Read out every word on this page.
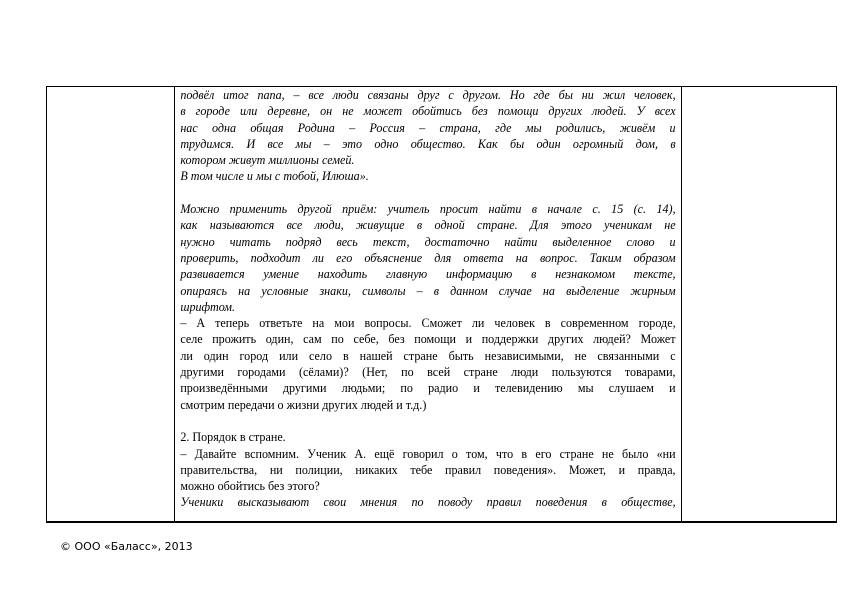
подвёл итог папа, – все люди связаны друг с другом. Но где бы ни жил человек,
в городе или деревне, он не может обойтись без помощи других людей. У всех
нас одна общая Родина – Россия – страна, где мы родились, живём и
трудимся. И все мы – это одно общество. Как бы один огромный дом, в
котором живут миллионы семей.
В том числе и мы с тобой, Илюша».
Можно применить другой приём: учитель просит найти в начале с. 15 (с. 14),
как называются все люди, живущие в одной стране. Для этого ученикам не
нужно читать подряд весь текст, достаточно найти выделенное слово и
проверить, подходит ли его объяснение для ответа на вопрос. Таким образом
развивается умение находить главную информацию в незнакомом тексте,
опираясь на условные знаки, символы – в данном случае на выделение жирным
шрифтом.
– А теперь ответьте на мои вопросы. Сможет ли человек в современном городе,
селе прожить один, сам по себе, без помощи и поддержки других людей? Может
ли один город или село в нашей стране быть независимыми, не связанными с
другими городами (сёлами)? (Нет, по всей стране люди пользуются товарами,
произведёнными другими людьми; по радио и телевидению мы слушаем и
смотрим передачи о жизни других людей и т.д.)
2. Порядок в стране.
– Давайте вспомним. Ученик А. ещё говорил о том, что в его стране не было «ни
правительства, ни полиции, никаких тебе правил поведения». Может, и правда,
можно обойтись без этого?
Ученики высказывают свои мнения по поводу правил поведения в обществе,

© ООО «Баласс», 2013
